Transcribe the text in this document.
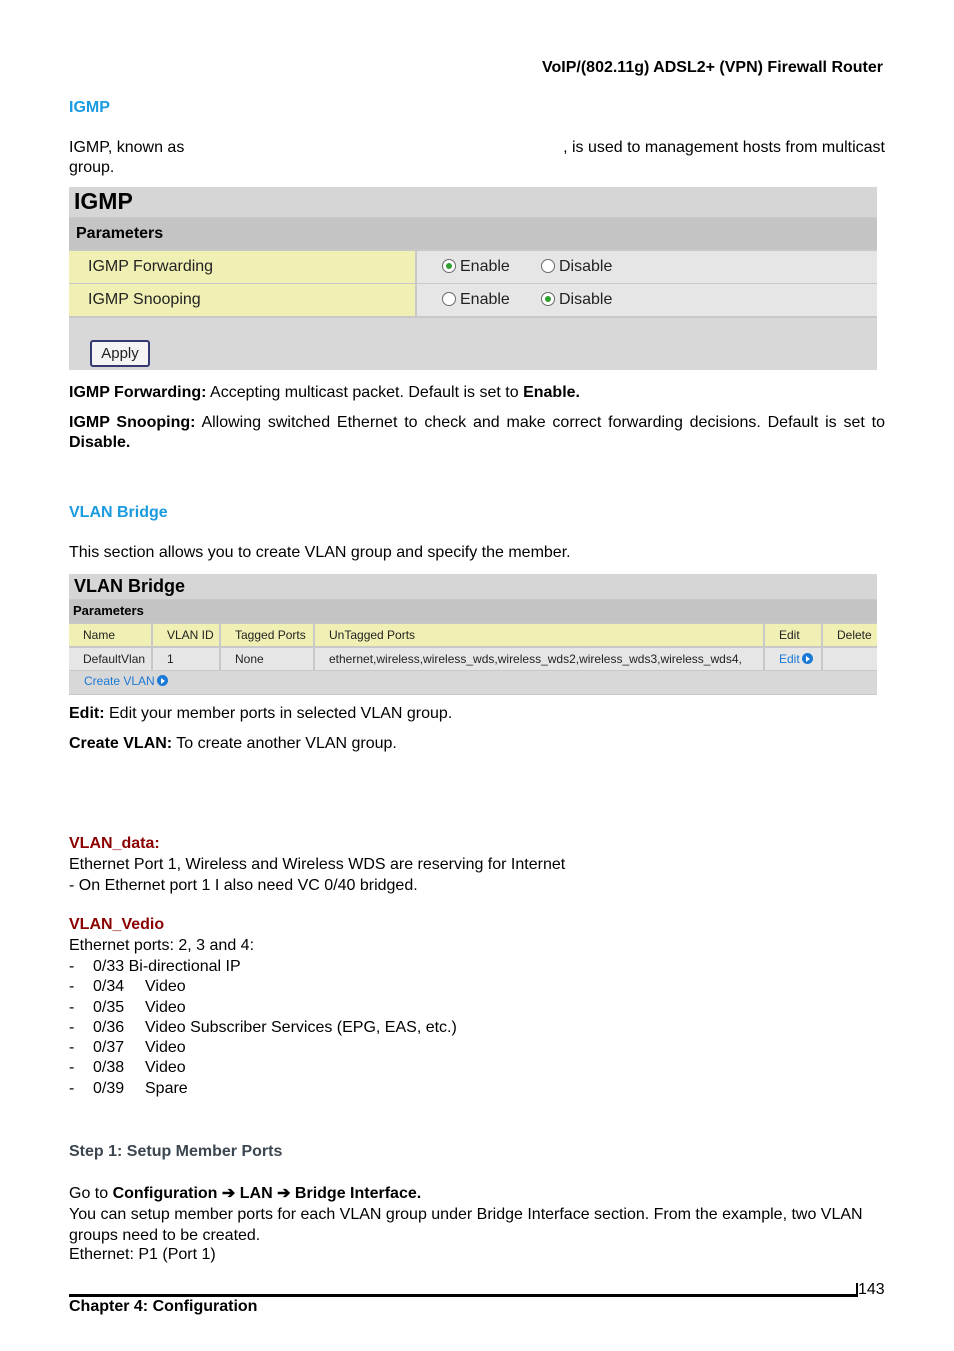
VoIP/(802.11g) ADSL2+ (VPN) Firewall Router
IGMP
IGMP, known as	, is used to management hosts from multicast
group.
IGMP
Parameters
IGMP Forwarding	Enable	Disable
IGMP Snooping	Enable	Disable
Apply
IGMP Forwarding: Accepting multicast packet. Default is set to Enable.
IGMP Snooping: Allowing switched Ethernet to check and make correct forwarding decisions. Default is set to Disable.
VLAN Bridge
This section allows you to create VLAN group and specify the member.
VLAN Bridge
Parameters
Name	VLAN ID	Tagged Ports	UnTagged Ports	Edit	Delete
DefaultVlan	1	None	ethernet,wireless,wireless_wds,wireless_wds2,wireless_wds3,wireless_wds4,	Edit
Create VLAN
Edit: Edit your member ports in selected VLAN group.
Create VLAN: To create another VLAN group.
VLAN_data:
Ethernet Port 1, Wireless and Wireless WDS are reserving for Internet
- On Ethernet port 1 I also need VC 0/40 bridged.
VLAN_Vedio
Ethernet ports: 2, 3 and 4:
- 0/33 Bi-directional IP
- 0/34 Video
- 0/35 Video
- 0/36 Video Subscriber Services (EPG, EAS, etc.)
- 0/37 Video
- 0/38 Video
- 0/39 Spare
Step 1: Setup Member Ports
Go to Configuration ➔ LAN ➔ Bridge Interface.
You can setup member ports for each VLAN group under Bridge Interface section. From the example, two VLAN groups need to be created.
Ethernet: P1 (Port 1)
143
Chapter 4: Configuration
